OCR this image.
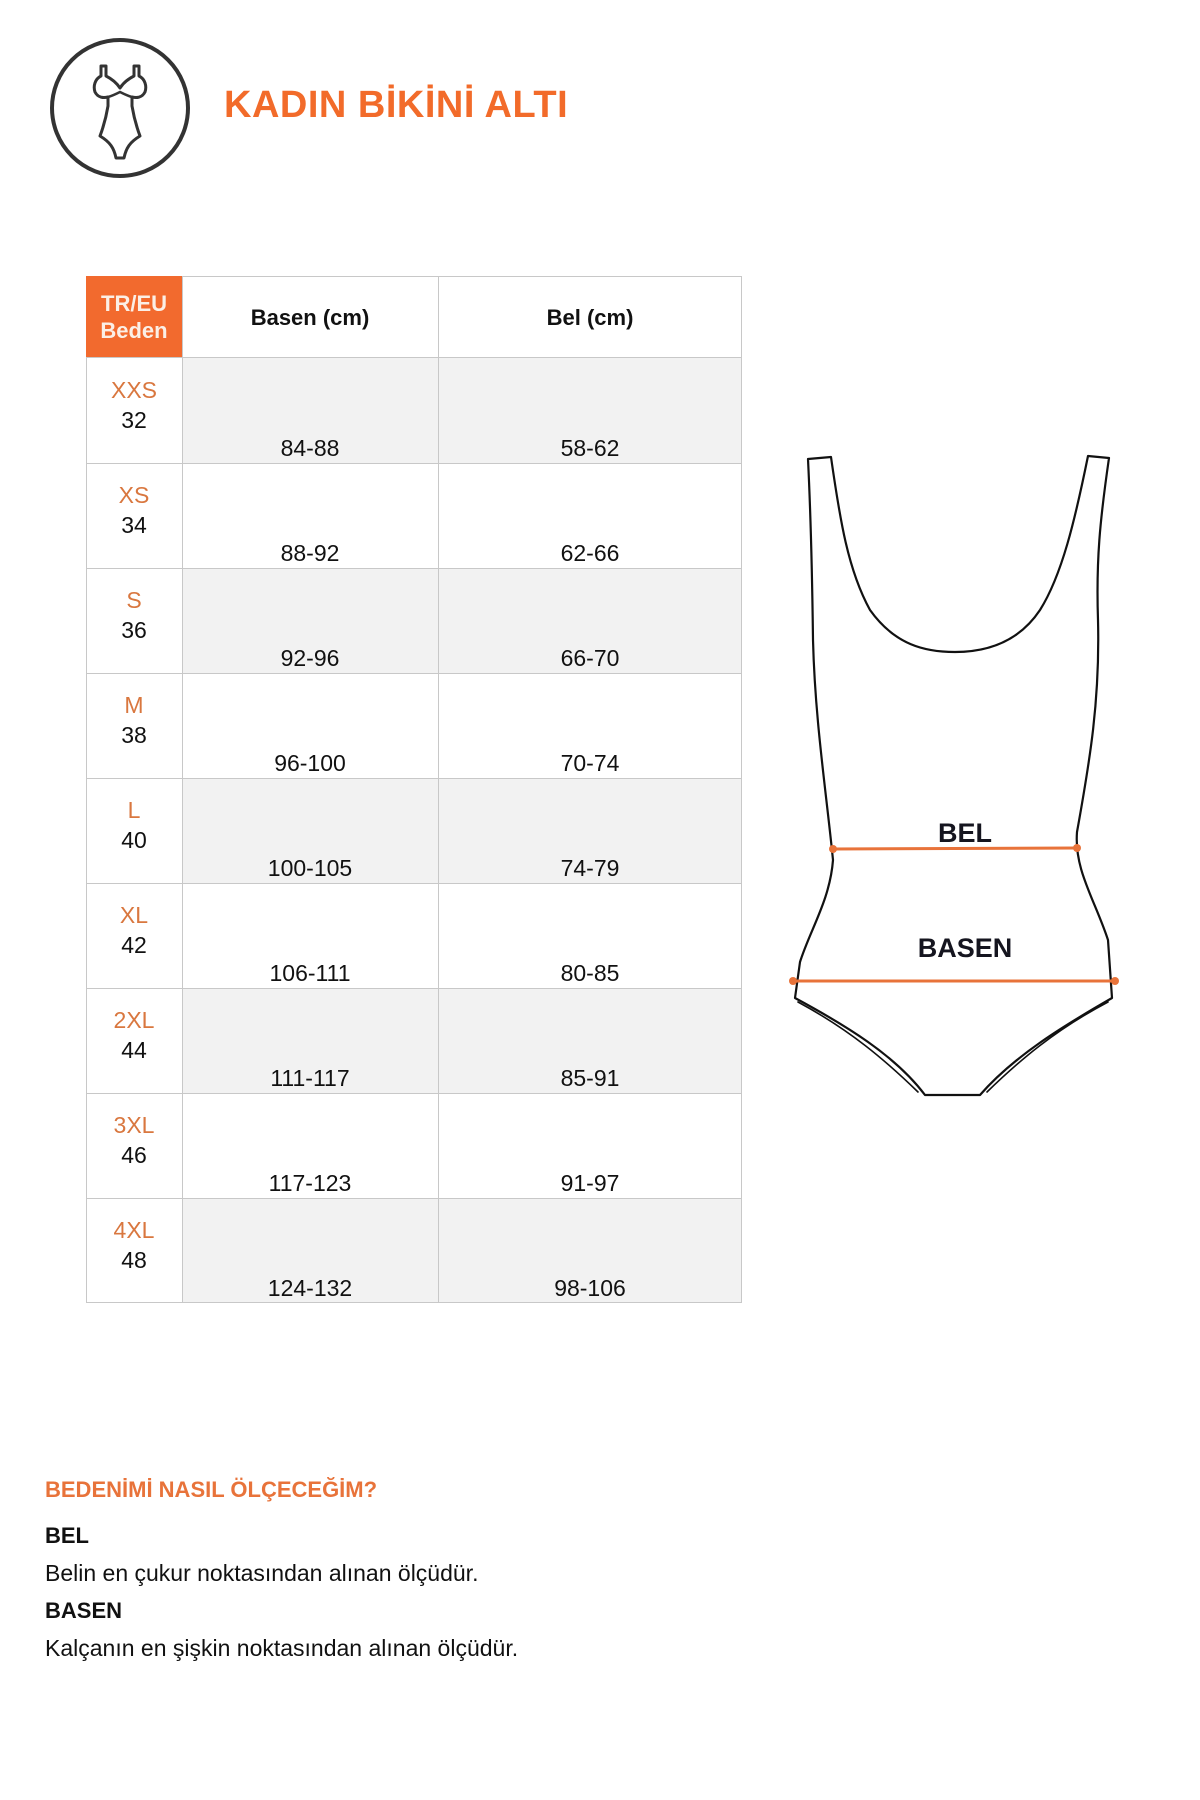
KADIN BİKİNİ ALTI
TR/EU
Beden
Basen (cm)	Bel (cm)
XXS
32
84-88	58-62
XS
34
88-92	62-66
S
36
92-96	66-70
M
38
96-100	70-74
L
40
100-105	74-79
XL
42
106-111	80-85
2XL
44
111-117	85-91
3XL
46
117-123	91-97
4XL
48
124-132	98-106
BEL
BASEN
BEDENİMİ NASIL ÖLÇECEĞİM?
BEL
Belin en çukur noktasından alınan ölçüdür.
BASEN
Kalçanın en şişkin noktasından alınan ölçüdür.
